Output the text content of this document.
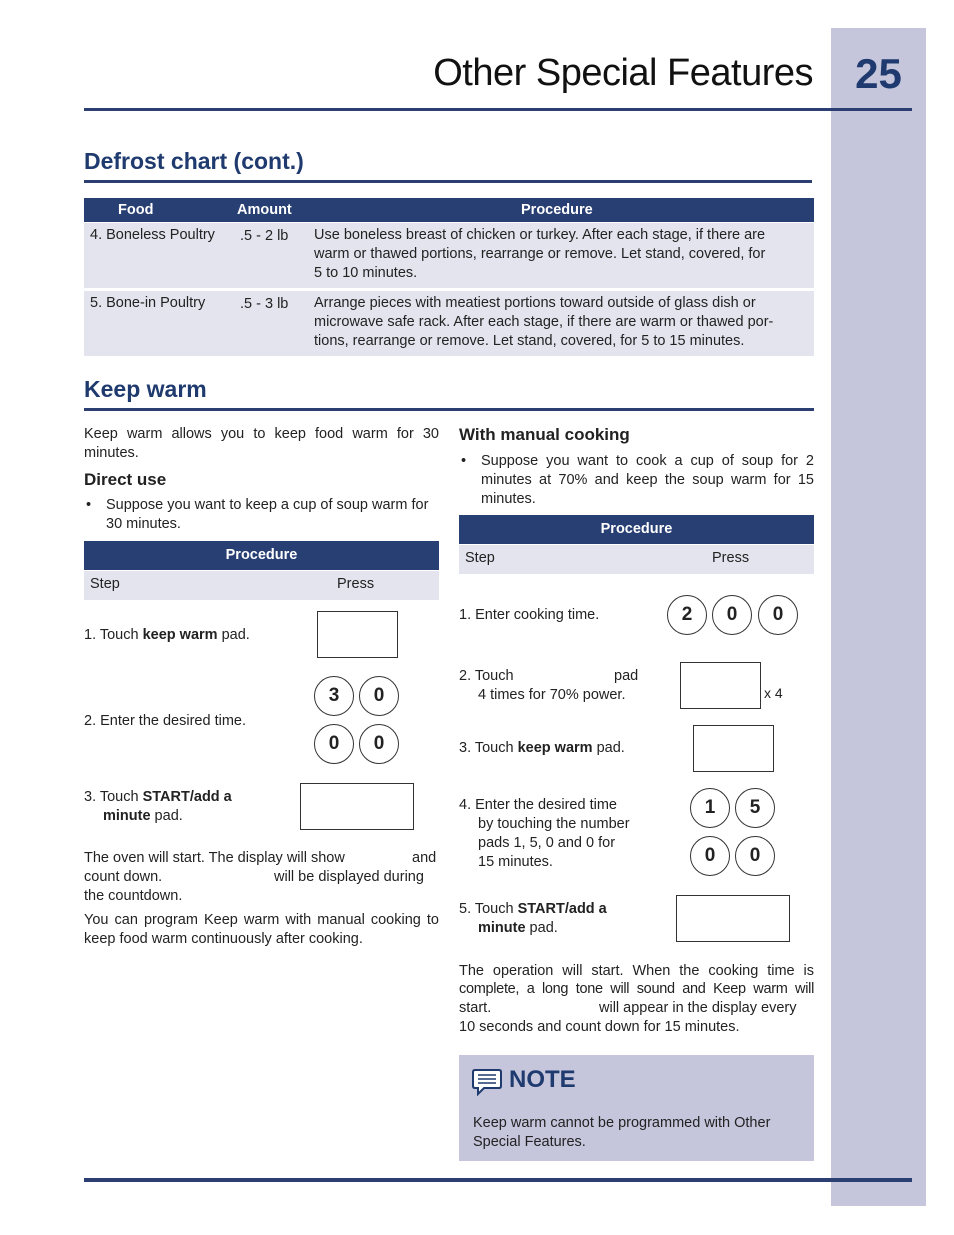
25
Other Special Features
Defrost chart (cont.)
Food	Amount	Procedure
4. Boneless Poultry .5 - 2 lb Use boneless breast of chicken or turkey. After each stage, if there are
warm or thawed portions, rearrange or remove. Let stand, covered, for
5 to 10 minutes.
5. Bone-in Poultry .5 - 3 lb Arrange pieces with meatiest portions toward outside of glass dish or
microwave safe rack. After each stage, if there are warm or thawed por-
tions, rearrange or remove. Let stand, covered, for 5 to 15 minutes.
Keep warm
Keep warm allows you to keep food warm for 30 minutes.
Direct use
• Suppose you want to keep a cup of soup warm for 30 minutes.
Procedure
Step	Press
1. Touch keep warm pad.
2. Enter the desired time.
3	0
0	0
3. Touch START/add a
minute pad.
The oven will start. The display will show	and
count down.	will be displayed during
the countdown.
You can program Keep warm with manual cooking to keep food warm continuously after cooking.
With manual cooking
• Suppose you want to cook a cup of soup for 2 minutes at 70% and keep the soup warm for 15 minutes.
Procedure
Step	Press
1. Enter cooking time.	2	0	0
2. Touch	pad
4 times for 70% power.	x 4
3. Touch keep warm pad.
4. Enter the desired time
by touching the number
pads 1, 5, 0 and 0 for
15 minutes.
1	5
0	0
5. Touch START/add a
minute pad.
The operation will start. When the cooking time is
complete, a long tone will sound and Keep warm will
start.	will appear in the display every
10 seconds and count down for 15 minutes.
NOTE
Keep warm cannot be programmed with Other Special Features.
